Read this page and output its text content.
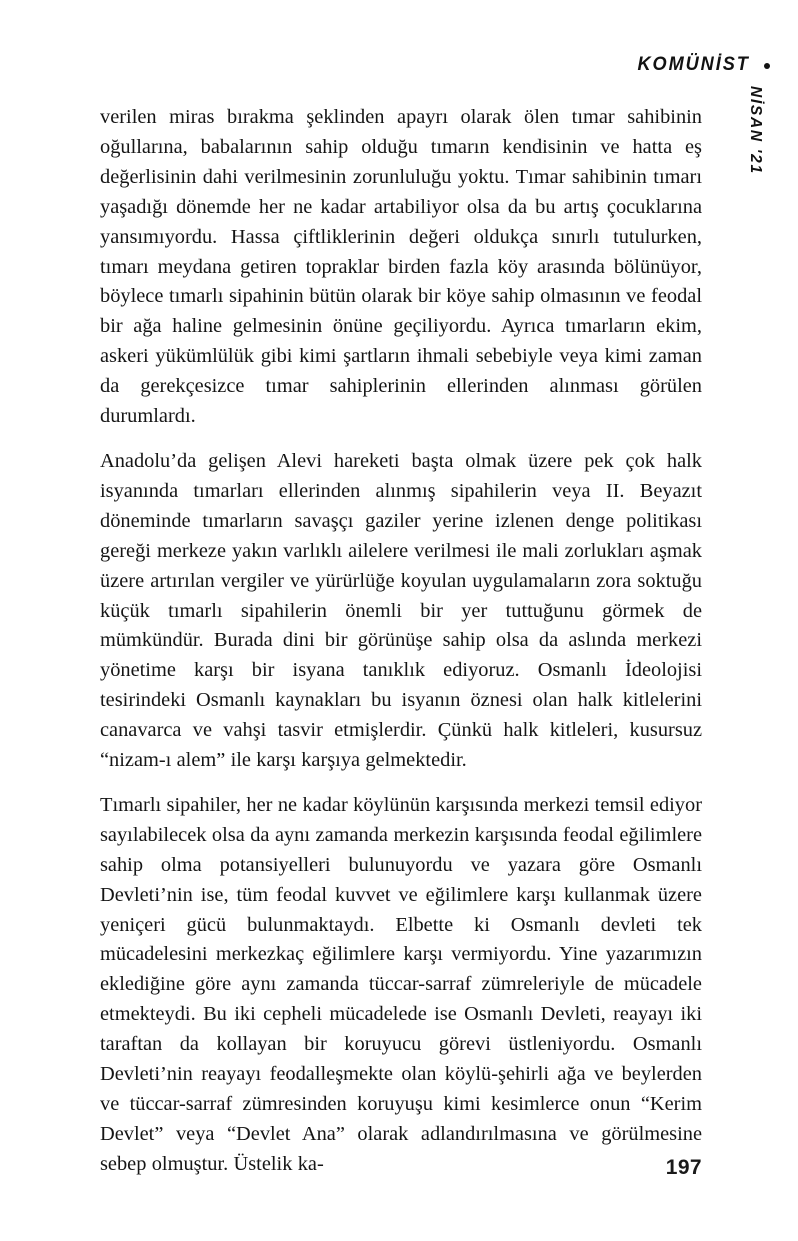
KOMÜNİST
NİSAN '21

verilen miras bırakma şeklinden apayrı olarak ölen tımar sahibinin oğullarına, babalarının sahip olduğu tımarın kendisinin ve hatta eş değerlisinin dahi verilmesinin zorunluluğu yoktu. Tımar sahibinin tımarı yaşadığı dönemde her ne kadar artabiliyor olsa da bu artış çocuklarına yansımıyordu. Hassa çiftliklerinin değeri oldukça sınırlı tutulurken, tımarı meydana getiren topraklar birden fazla köy arasında bölünüyor, böylece tımarlı sipahinin bütün olarak bir köye sahip olmasının ve feodal bir ağa haline gelmesinin önüne geçiliyordu. Ayrıca tımarların ekim, askeri yükümlülük gibi kimi şartların ihmali sebebiyle veya kimi zaman da gerekçesizce tımar sahiplerinin ellerinden alınması görülen durumlardı.

Anadolu’da gelişen Alevi hareketi başta olmak üzere pek çok halk isyanında tımarları ellerinden alınmış sipahilerin veya II. Beyazıt döneminde tımarların savaşçı gaziler yerine izlenen denge politikası gereği merkeze yakın varlıklı ailelere verilmesi ile mali zorlukları aşmak üzere artırılan vergiler ve yürürlüğe koyulan uygulamaların zora soktuğu küçük tımarlı sipahilerin önemli bir yer tuttuğunu görmek de mümkündür. Burada dini bir görünüşe sahip olsa da aslında merkezi yönetime karşı bir isyana tanıklık ediyoruz. Osmanlı İdeolojisi tesirindeki Osmanlı kaynakları bu isyanın öznesi olan halk kitlelerini canavarca ve vahşi tasvir etmişlerdir. Çünkü halk kitleleri, kusursuz “nizam-ı alem” ile karşı karşıya gelmektedir.

Tımarlı sipahiler, her ne kadar köylünün karşısında merkezi temsil ediyor sayılabilecek olsa da aynı zamanda merkezin karşısında feodal eğilimlere sahip olma potansiyelleri bulunuyordu ve yazara göre Osmanlı Devleti’nin ise, tüm feodal kuvvet ve eğilimlere karşı kullanmak üzere yeniçeri gücü bulunmaktaydı. Elbette ki Osmanlı devleti tek mücadelesini merkezkaç eğilimlere karşı vermiyordu. Yine yazarımızın eklediğine göre aynı zamanda tüccar-sarraf zümreleriyle de mücadele etmekteydi. Bu iki cepheli mücadelede ise Osmanlı Devleti, reayayı iki taraftan da kollayan bir koruyucu görevi üstleniyordu. Osmanlı Devleti’nin reayayı feodalleşmekte olan köylü-şehirli ağa ve beylerden ve tüccar-sarraf zümresinden koruyuşu kimi kesimlerce onun “Kerim Devlet” veya “Devlet Ana” olarak adlandırılmasına ve görülmesine sebep olmuştur. Üstelik ka-	197
